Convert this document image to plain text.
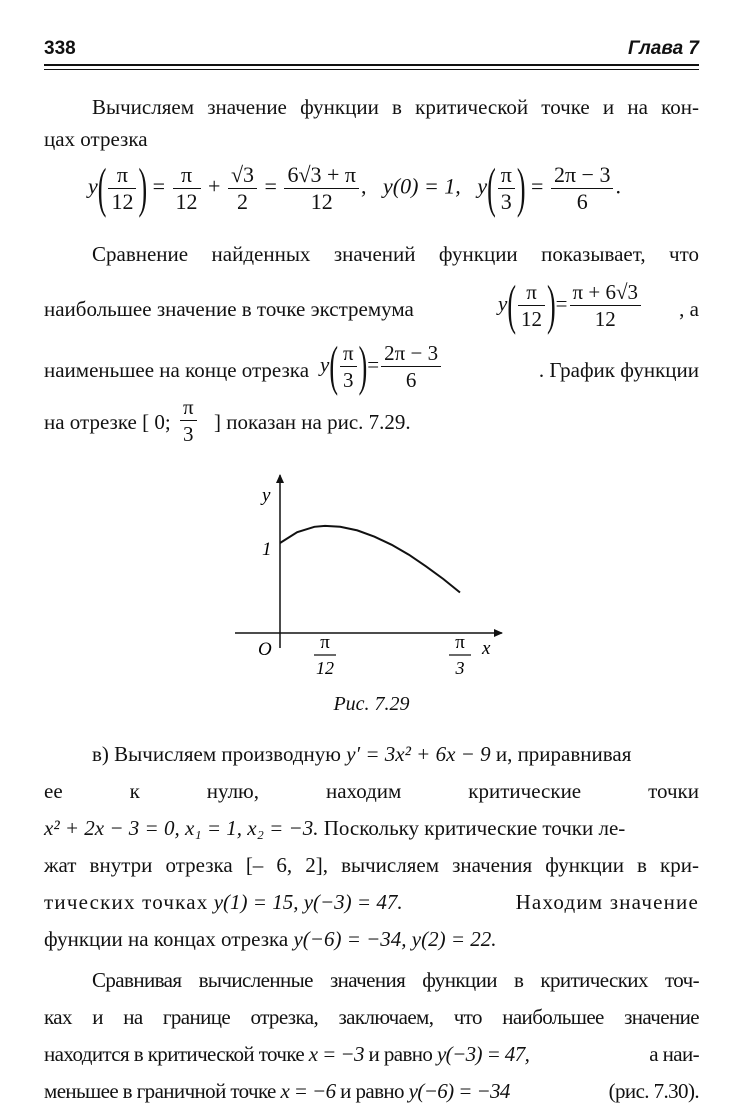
338	Глава 7
Вычисляем значение функции в критической точке и на кон-
цах отрезка
$y( \frac{\pi}{12}$ ) = $\frac{\pi}{12} + \frac{√3}{2} = \frac{6√3 + \pi}{12}$ , y(0) = 1, $y( \frac{\pi}{3}$ ) = $\frac{2\pi - 3}{6}$ .
Сравнение найденных значений функции показывает, что
наибольшее значение в точке экстремума	$y( \frac{\pi}{12}$ )= $\frac{\pi + 6√3}{12}$ , а
наименьшее на конце отрезка $y( \frac{\pi}{3}$ )= $\frac{2\pi - 3}{6}$	. График функции
на отрезке [ 0; $\frac{\pi}{3}$ ] показан на рис. 7.29.
π
12
π
3
y
x
O
1
Рис. 7.29
в) Вычисляем производную y′ = 3x² + 6x − 9 и, приравнивая
ее	к	нулю,	находим	критические	точки
x² + 2x − 3 = 0, x₁ = 1, x₂ = −3. Поскольку критические точки ле-
жат внутри отрезка [– 6, 2], вычисляем значения функции в кри-
тических точках y(1) = 15, y(−3) = 47.	Находим значение
функции на концах отрезка y(−6) = −34, y(2) = 22.
Сравнивая вычисленные значения функции в критических точ-
ках и на границе отрезка, заключаем, что наибольшее значение
находится в критической точке x = −3 и равно y(−3) = 47,	а наи-
меньшее в граничной точке x = −6 и равно y(−6) = −34	(рис. 7.30).
